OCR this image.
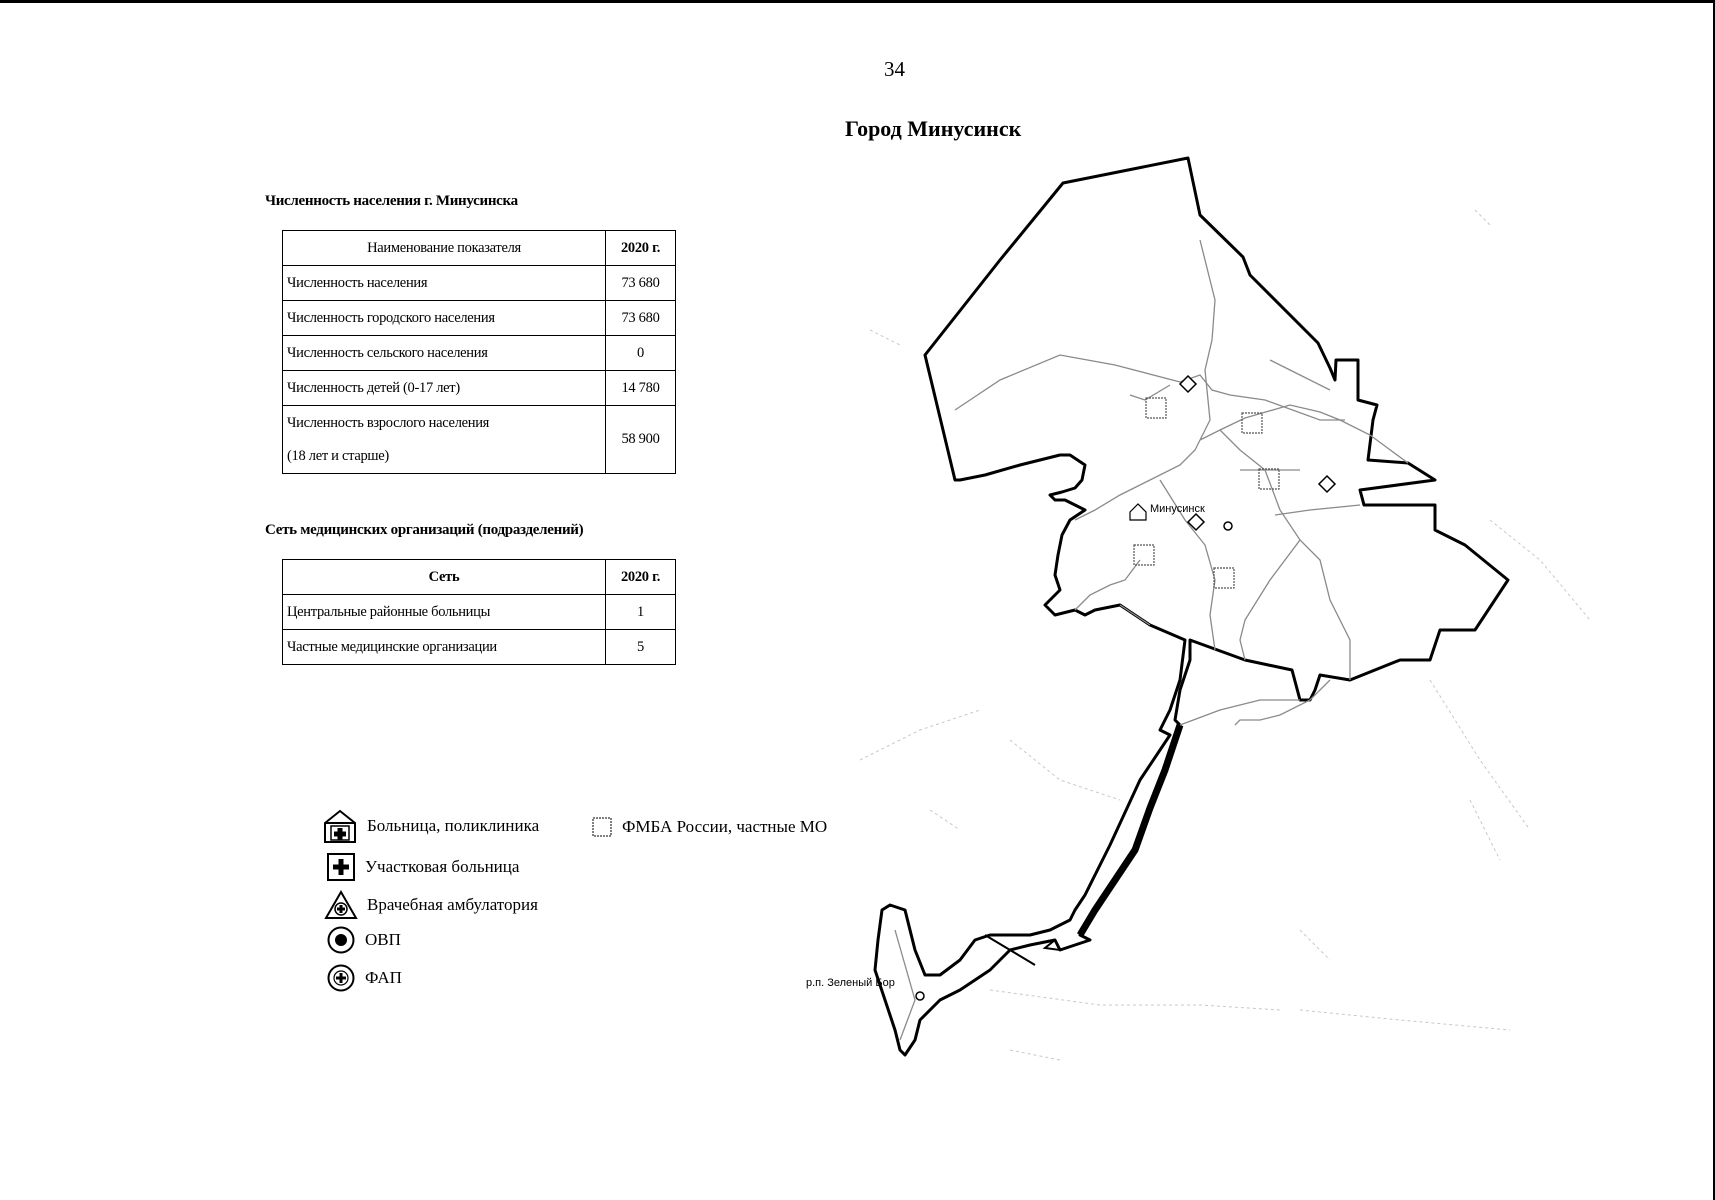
34
Город Минусинск
Численность населения г. Минусинска
Наименование показателя	2020 г.
Численность населения	73 680
Численность городского населения	73 680
Численность сельского населения	0
Численность детей (0-17 лет)	14 780

Численность взрослого населения
(18 лет и старше)	58 900
Сеть медицинских организаций (подразделений)
Сеть	2020 г.
Центральные районные больницы	1
Частные медицинские организации	5
Больница, поликлиника	ФМБА России, частные МО
Участковая больница
Врачебная амбулатория
ОВП
ФАП
Минусинск
р.п. Зеленый Бор
